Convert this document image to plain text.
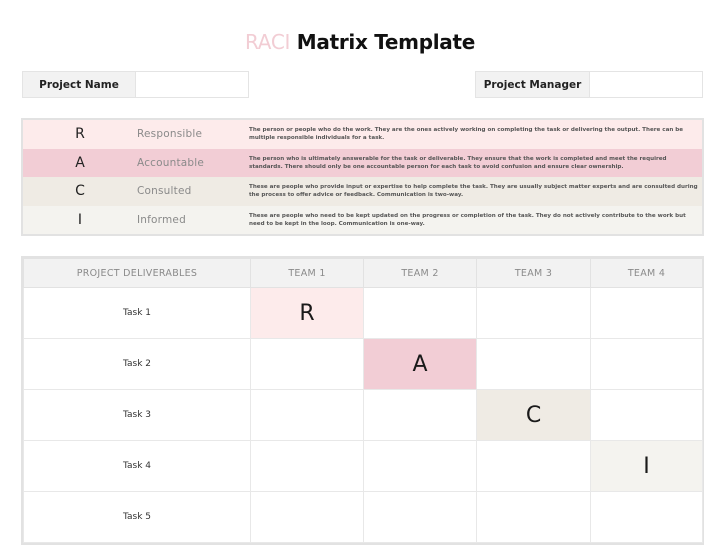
RACI Matrix Template
Project Name	Project Manager
R	Responsible	The person or people who do the work. They are the ones actively working on completing the task or delivering the output. There can be multiple responsible individuals for a task.
A	Accountable	The person who is ultimately answerable for the task or deliverable. They ensure that the work is completed and meet the required standards. There should only be one accountable person for each task to avoid confusion and ensure clear ownership.
C	Consulted	These are people who provide input or expertise to help complete the task. They are usually subject matter experts and are consulted during the process to offer advice or feedback. Communication is two-way.
I	Informed	These are people who need to be kept updated on the progress or completion of the task. They do not actively contribute to the work but need to be kept in the loop. Communication is one-way.
PROJECT DELIVERABLES	TEAM 1	TEAM 2	TEAM 3	TEAM 4
Task 1	R			
Task 2		A		
Task 3			C	
Task 4				I
Task 5				
